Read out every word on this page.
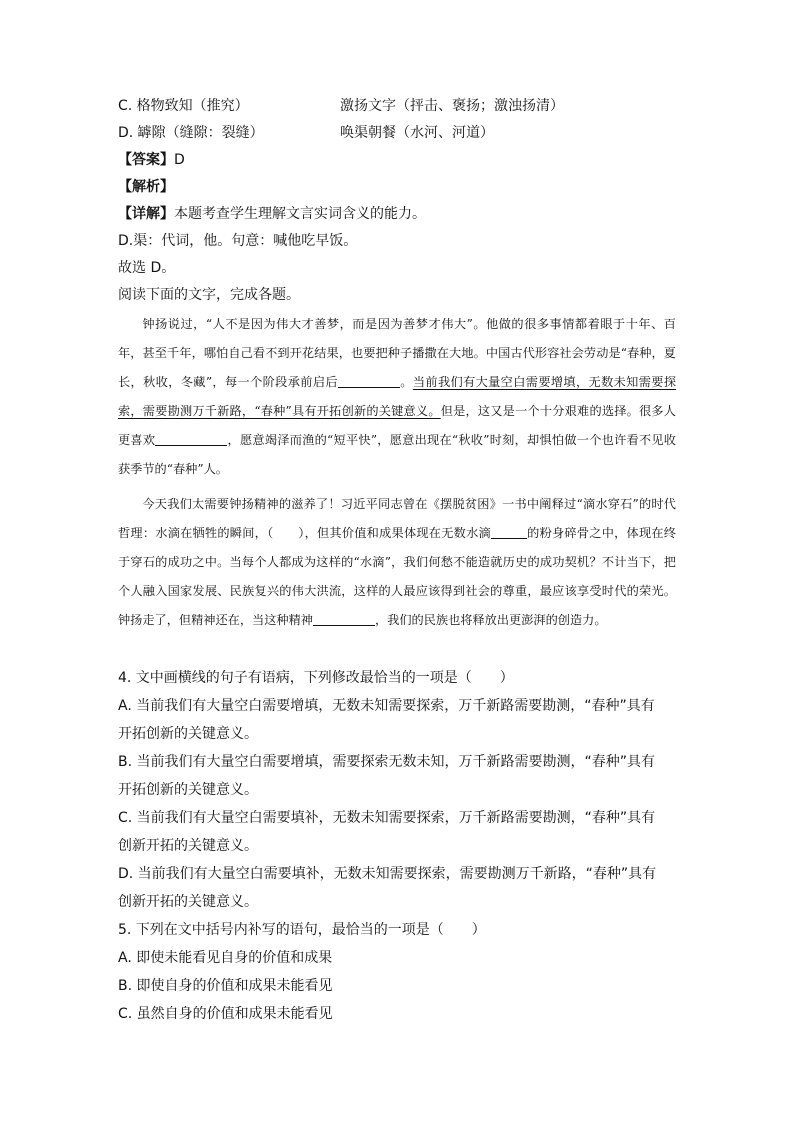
C. 格物致知（推究）	激扬文字（抨击、褒扬；激浊扬清）
D. 罅隙（缝隙：裂缝）	唤渠朝餐（水河、河道）
【答案】D
【解析】
【详解】本题考查学生理解文言实词含义的能力。
D.渠：代词，他。句意：喊他吃早饭。
故选 D。
阅读下面的文字，完成各题。

钟扬说过，“人不是因为伟大才善梦，而是因为善梦才伟大”。他做的很多事情都着眼于十年、百年，甚至千年，哪怕自己看不到开花结果，也要把种子播撒在大地。中国古代形容社会劳动是“春种，夏长，秋收，冬藏”，每一个阶段承前启后	。当前我们有大量空白需要增填，无数未知需要探索，需要勘测万千新路，“春种”具有开拓创新的关键意义。但是，这又是一个十分艰难的选择。很多人更喜欢	，愿意竭泽而渔的“短平快”，愿意出现在“秋收”时刻，却惧怕做一个也许看不见收获季节的“春种”人。

今天我们太需要钟扬精神的滋养了！习近平同志曾在《摆脱贫困》一书中阐释过“滴水穿石”的时代哲理：水滴在牺牲的瞬间，（　　），但其价值和成果体现在无数水滴	的粉身碎骨之中，体现在终于穿石的成功之中。当每个人都成为这样的“水滴”，我们何愁不能造就历史的成功契机？不计当下，把个人融入国家发展、民族复兴的伟大洪流，这样的人最应该得到社会的尊重，最应该享受时代的荣光。钟扬走了，但精神还在，当这种精神	，我们的民族也将释放出更澎湃的创造力。

4. 文中画横线的句子有语病，下列修改最恰当的一项是（　　）
A. 当前我们有大量空白需要增填，无数未知需要探索，万千新路需要勘测，“春种”具有
开拓创新的关键意义。
B. 当前我们有大量空白需要增填，需要探索无数未知，万千新路需要勘测，“春种”具有
开拓创新的关键意义。
C. 当前我们有大量空白需要填补，无数未知需要探索，万千新路需要勘测，“春种”具有
创新开拓的关键意义。
D. 当前我们有大量空白需要填补，无数未知需要探索，需要勘测万千新路，“春种”具有
创新开拓的关键意义。
5. 下列在文中括号内补写的语句，最恰当的一项是（　　）
A. 即使未能看见自身的价值和成果
B. 即使自身的价值和成果未能看见
C. 虽然自身的价值和成果未能看见
